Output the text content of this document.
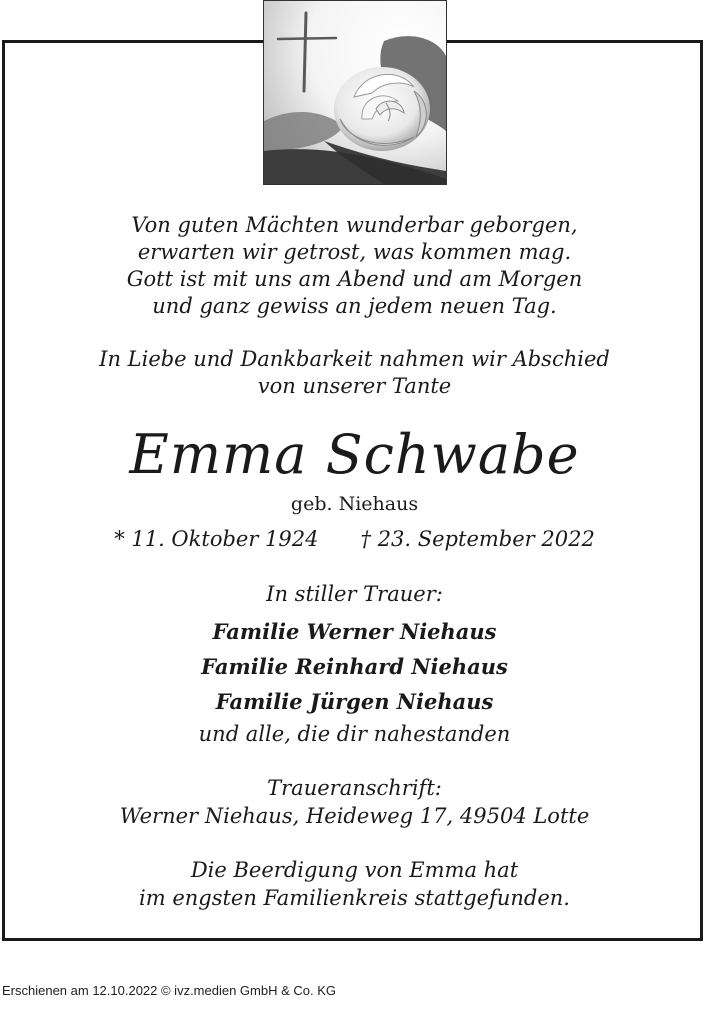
Von guten Mächten wunderbar geborgen,
erwarten wir getrost, was kommen mag.
Gott ist mit uns am Abend und am Morgen
und ganz gewiss an jedem neuen Tag.
In Liebe und Dankbarkeit nahmen wir Abschied
von unserer Tante
Emma Schwabe
geb. Niehaus
* 11. Oktober 1924 † 23. September 2022
In stiller Trauer:
Familie Werner Niehaus
Familie Reinhard Niehaus
Familie Jürgen Niehaus
und alle, die dir nahestanden
Traueranschrift:
Werner Niehaus, Heideweg 17, 49504 Lotte
Die Beerdigung von Emma hat
im engsten Familienkreis stattgefunden.
Erschienen am 12.10.2022 © ivz.medien GmbH & Co. KG
